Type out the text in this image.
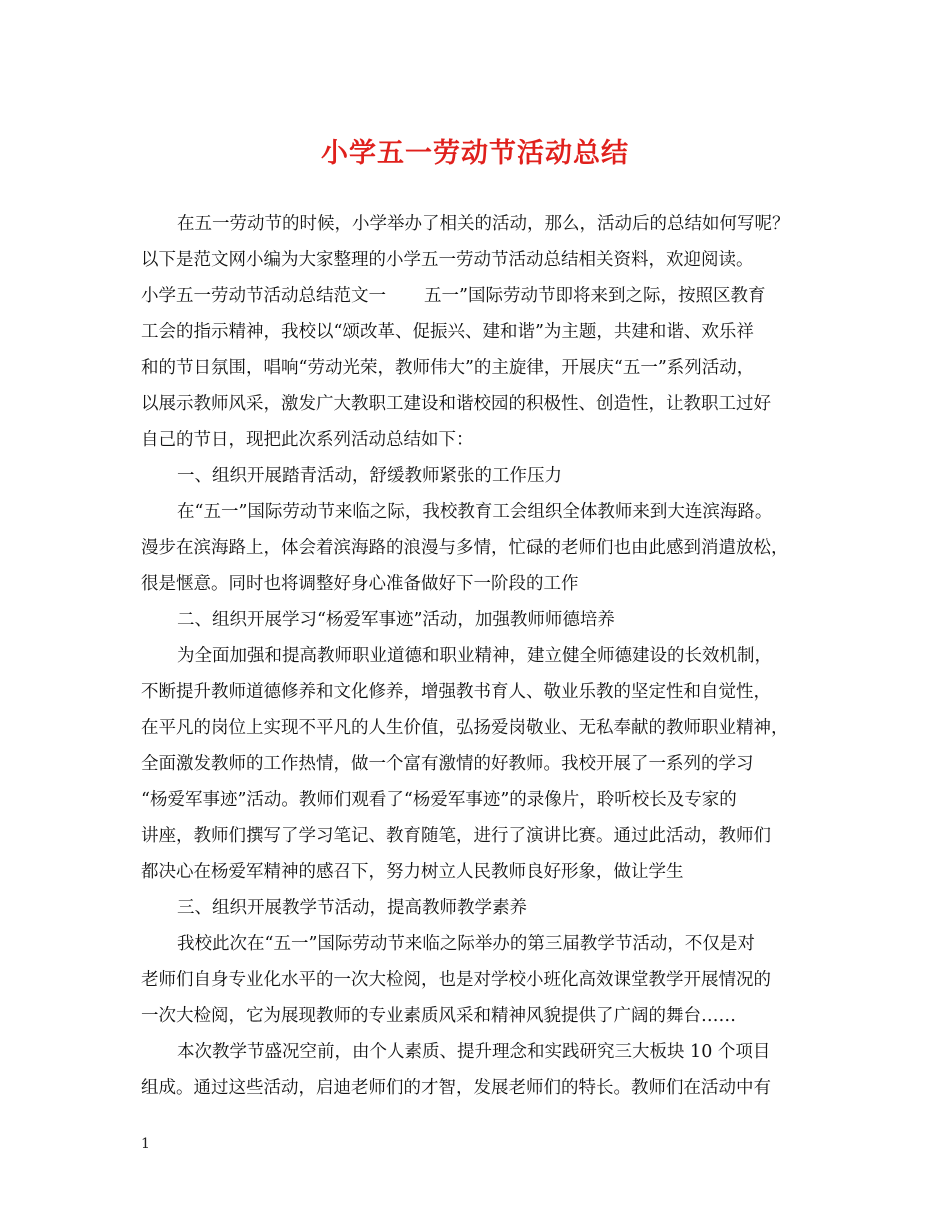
小学五一劳动节活动总结
在五一劳动节的时候，小学举办了相关的活动，那么，活动后的总结如何写呢？
以下是范文网小编为大家整理的小学五一劳动节活动总结相关资料，欢迎阅读。
小学五一劳动节活动总结范文一 五一”国际劳动节即将来到之际，按照区教育
工会的指示精神，我校以“颂改革、促振兴、建和谐”为主题，共建和谐、欢乐祥
和的节日氛围，唱响“劳动光荣，教师伟大”的主旋律，开展庆“五一”系列活动，
以展示教师风采，激发广大教职工建设和谐校园的积极性、创造性，让教职工过好
自己的节日，现把此次系列活动总结如下：
一、组织开展踏青活动，舒缓教师紧张的工作压力
在“五一”国际劳动节来临之际，我校教育工会组织全体教师来到大连滨海路。
漫步在滨海路上，体会着滨海路的浪漫与多情，忙碌的老师们也由此感到消遣放松，
很是惬意。同时也将调整好身心准备做好下一阶段的工作
二、组织开展学习“杨爱军事迹”活动，加强教师师德培养
为全面加强和提高教师职业道德和职业精神，建立健全师德建设的长效机制，
不断提升教师道德修养和文化修养，增强教书育人、敬业乐教的坚定性和自觉性，
在平凡的岗位上实现不平凡的人生价值，弘扬爱岗敬业、无私奉献的教师职业精神，
全面激发教师的工作热情，做一个富有激情的好教师。我校开展了一系列的学习
“杨爱军事迹”活动。教师们观看了“杨爱军事迹”的录像片，聆听校长及专家的
讲座，教师们撰写了学习笔记、教育随笔，进行了演讲比赛。通过此活动，教师们
都决心在杨爱军精神的感召下，努力树立人民教师良好形象，做让学生
三、组织开展教学节活动，提高教师教学素养
我校此次在“五一”国际劳动节来临之际举办的第三届教学节活动，不仅是对
老师们自身专业化水平的一次大检阅，也是对学校小班化高效课堂教学开展情况的
一次大检阅，它为展现教师的专业素质风采和精神风貌提供了广阔的舞台……
本次教学节盛况空前，由个人素质、提升理念和实践研究三大板块 10 个项目
组成。通过这些活动，启迪老师们的才智，发展老师们的特长。教师们在活动中有
1
